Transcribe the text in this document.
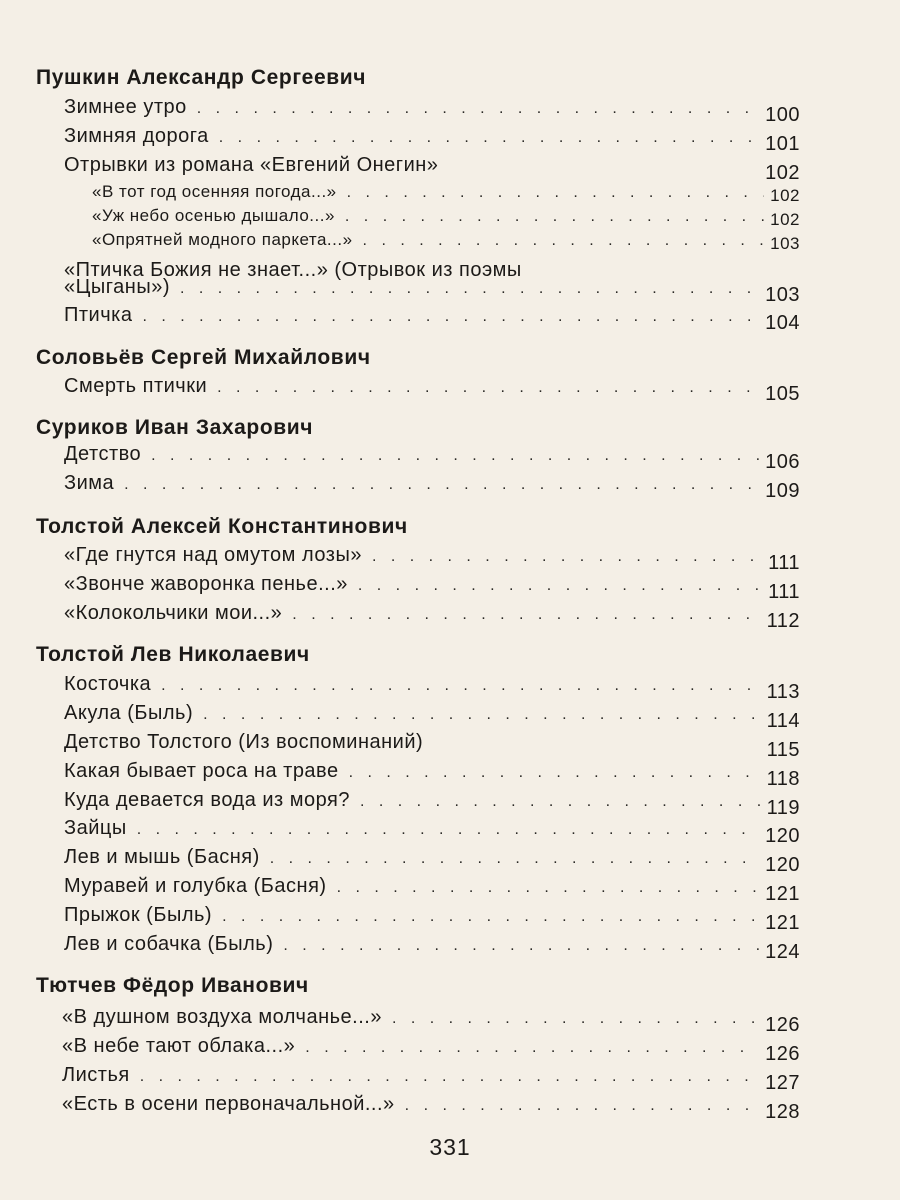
Пушкин Александр Сергеевич
Зимнее утро . . .	100
Зимняя дорога . . .	101
Отрывки из романа «Евгений Онегин»	102
«В тот год осенняя погода...» . . .	102
«Уж небо осенью дышало...» . . .	102
«Опрятней модного паркета...» . . .	103
«Птичка Божия не знает...» (Отрывок из поэмы
«Цыганы») . . .	103
Птичка . . .	104
Соловьёв Сергей Михайлович
Смерть птички . . .	105
Суриков Иван Захарович
Детство . . .	106
Зима . . .	109
Толстой Алексей Константинович
«Где гнутся над омутом лозы» . . .	111
«Звонче жаворонка пенье...» . . .	111
«Колокольчики мои...» . . .	112
Толстой Лев Николаевич
Косточка . . .	113
Акула (Быль) . . .	114
Детство Толстого (Из воспоминаний)	115
Какая бывает роса на траве . . .	118
Куда девается вода из моря? . . .	119
Зайцы . . .	120
Лев и мышь (Басня) . . .	120
Муравей и голубка (Басня) . . .	121
Прыжок (Быль) . . .	121
Лев и собачка (Быль) . . .	124
Тютчев Фёдор Иванович
«В душном воздуха молчанье...» . . .	126
«В небе тают облака...» . . .	126
Листья . . .	127
«Есть в осени первоначальной...» . . .	128
331
